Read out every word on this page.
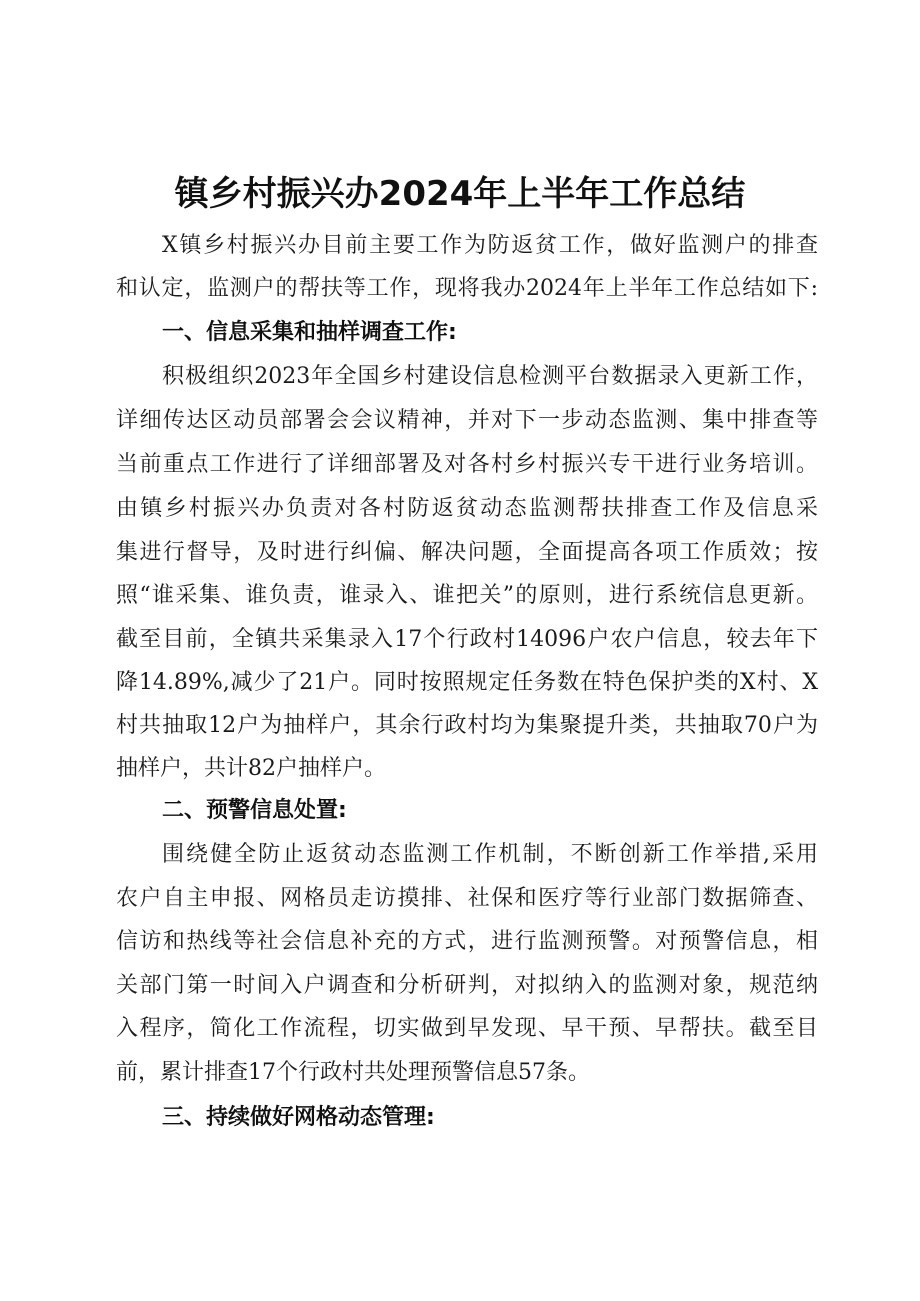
镇乡村振兴办2024年上半年工作总结
X镇乡村振兴办目前主要工作为防返贫工作，做好监测户的排查
和认定，监测户的帮扶等工作，现将我办2024年上半年工作总结如下:
一、信息采集和抽样调查工作:
积极组织2023年全国乡村建设信息检测平台数据录入更新工作，
详细传达区动员部署会会议精神，并对下一步动态监测、集中排查等
当前重点工作进行了详细部署及对各村乡村振兴专干进行业务培训。
由镇乡村振兴办负责对各村防返贫动态监测帮扶排查工作及信息采
集进行督导，及时进行纠偏、解决问题，全面提高各项工作质效；按
照“谁采集、谁负责，谁录入、谁把关”的原则，进行系统信息更新。
截至目前，全镇共采集录入17个行政村14096户农户信息，较去年下
降14.89%,减少了21户。同时按照规定任务数在特色保护类的X村、X
村共抽取12户为抽样户，其余行政村均为集聚提升类，共抽取70户为
抽样户，共计82户抽样户。
二、预警信息处置:
围绕健全防止返贫动态监测工作机制，不断创新工作举措,采用
农户自主申报、网格员走访摸排、社保和医疗等行业部门数据筛查、
信访和热线等社会信息补充的方式，进行监测预警。对预警信息，相
关部门第一时间入户调查和分析研判，对拟纳入的监测对象，规范纳
入程序，简化工作流程，切实做到早发现、早干预、早帮扶。截至目
前，累计排查17个行政村共处理预警信息57条。
三、持续做好网格动态管理:
